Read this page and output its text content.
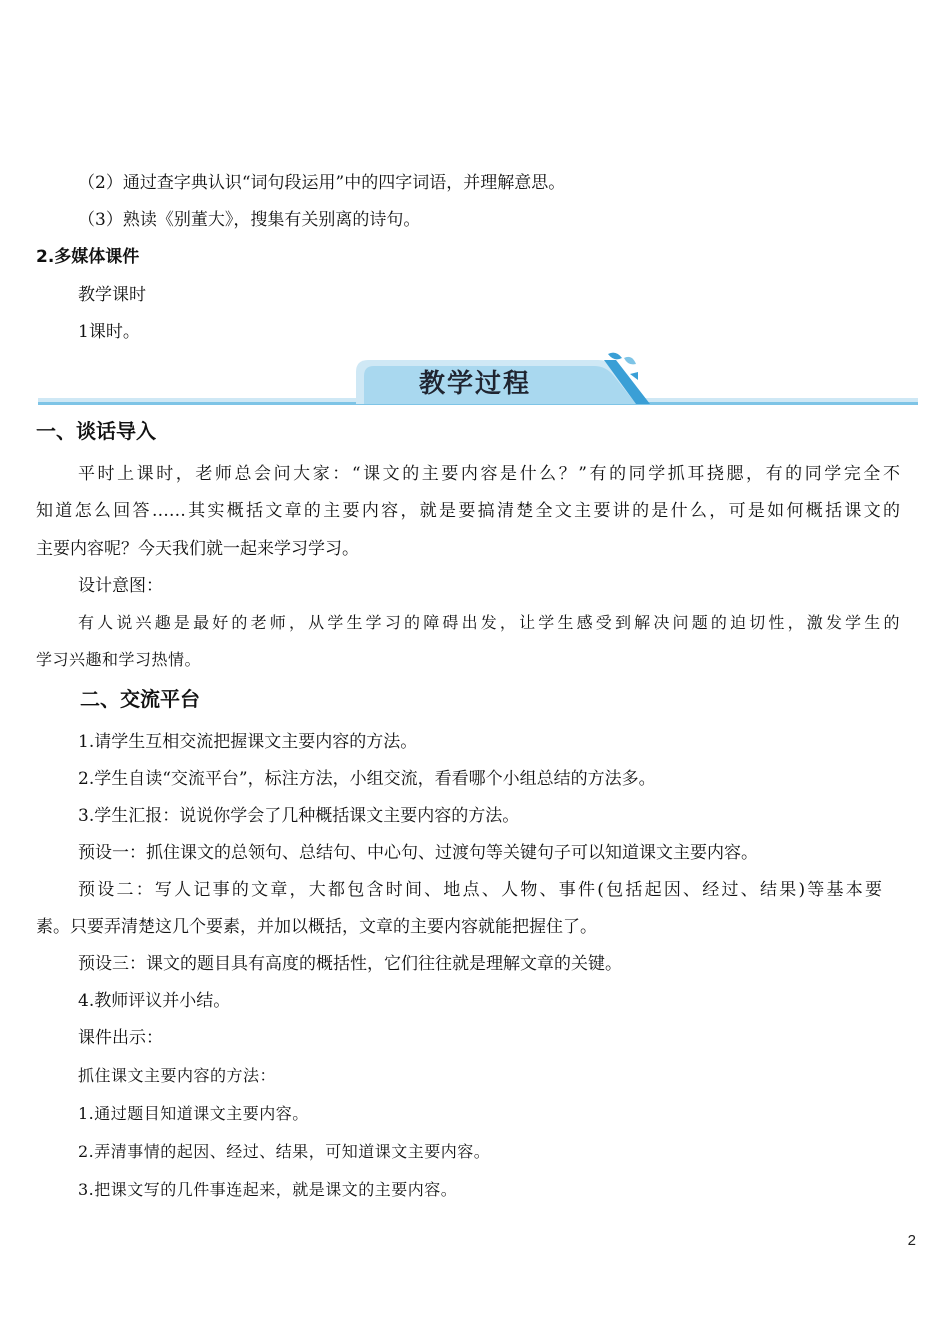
（2）通过查字典认识“词句段运用”中的四字词语，并理解意思。
（3）熟读《别董大》，搜集有关别离的诗句。
2.多媒体课件
教学课时
1课时。
教学过程
一、谈话导入
平时上课时，老师总会问大家：“课文的主要内容是什么？”有的同学抓耳挠腮，有的同学完全不
知道怎么回答……其实概括文章的主要内容，就是要搞清楚全文主要讲的是什么，可是如何概括课文的
主要内容呢？今天我们就一起来学习学习。
设计意图：
有人说兴趣是最好的老师，从学生学习的障碍出发，让学生感受到解决问题的迫切性，激发学生的
学习兴趣和学习热情。
二、交流平台
1.请学生互相交流把握课文主要内容的方法。
2.学生自读“交流平台”，标注方法，小组交流，看看哪个小组总结的方法多。
3.学生汇报：说说你学会了几种概括课文主要内容的方法。
预设一：抓住课文的总领句、总结句、中心句、过渡句等关键句子可以知道课文主要内容。
预设二：写人记事的文章，大都包含时间、地点、人物、事件(包括起因、经过、结果)等基本要
素。只要弄清楚这几个要素，并加以概括，文章的主要内容就能把握住了。
预设三：课文的题目具有高度的概括性，它们往往就是理解文章的关键。
4.教师评议并小结。
课件出示：
抓住课文主要内容的方法：
1.通过题目知道课文主要内容。
2.弄清事情的起因、经过、结果，可知道课文主要内容。
3.把课文写的几件事连起来，就是课文的主要内容。
2
